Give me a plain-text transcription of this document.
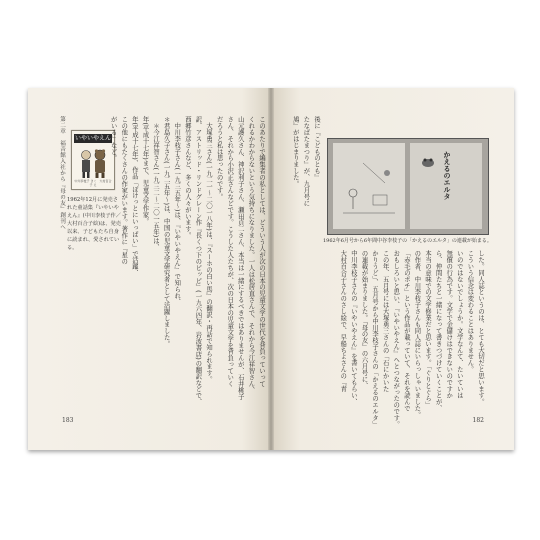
第二章　福音館入社から『母の友』創刊へ いやいやえん
中川李枝子 さく　大村百合子 え
1962年12月に発売された童話集『いやいやえん』(中川李枝子作／大村百合子絵)は、発売以来、子どもたち自身に読まれ、愛されている。	このあたりで編集者の私としては、どういう人が次の日本の児童文学の世代を背負っていって
くれるかわからないという気持ちになりました。一人は松居直さんで、それから今江祥智さん、
山元護久さん、神沢利子さん、瀬田貞二さん、本当は一緒にするべきではありませんが、石井桃子
さん、それから小沢正さんなどです。こうした人たちが、次の日本の児童文学を背負っていく
だろうと私は思ったのです。
　大塚勇三さん(一九二一～二〇一八年)は、『スーホの白い馬』の翻訳・再話で知られます。
訳、アストリッド・リンドグレーン作『長くつ下のピッピ』(一九六四年、岩波書店)の翻訳などで、
西郷竹彦さんなど、多くの人々がいます。
　中川李枝子さん(一九三五年～)は、『いやいやえん』で知られ、
＊君島久子さん(一九二五年～)は、中国の児童文学研究者として活躍しました。
　＊今江祥智さん(一九三二～二〇一五年)は、
年(平成十七年)まで、児童文学作家。
年(平成十七年)、作品「ぽけっとにいっぱい」で活躍、
この他にもたくさんの作家がいます。著作に『星の
がいる』など。
183
後に『こどものとも』
たなばたまつり』が、九月号に
鳩』がはじまりました。	かえるのエルタ
1962年6月号から6年間中谷李枝子の「かえるのエルタ」の連載が始まる。
した。同人誌というのは、とても大切だと思います。
こういう信念は変わることはありません。
いのではないでしょうか。文学なんて、たいていは
無償の行為です。文学で金儲けはできないのですか
ら、仲間たちと一緒になって書きつづけていくことが、
本当の意味での文学修業だと思います。「ぐりとぐら」
の作者、中川李枝子さんも同人誌にいらっしゃいました。
「赤毛のポチ」という作品が載っていて、それを読んで
おもしろいと思い、『いやいやえん』へとつながったのです。
この年、五月号には大塚勇三さんの「石にかいた
かりうど」、五月号から中川李枝子さんの「かえるのエルタ」
の連載が始まりました。『母の友』の六月号に、
中川李枝子さんの『いやいやえん』を書いてもらい、
大村百合子さんのさし絵で、早船ちよさんの『青
182
